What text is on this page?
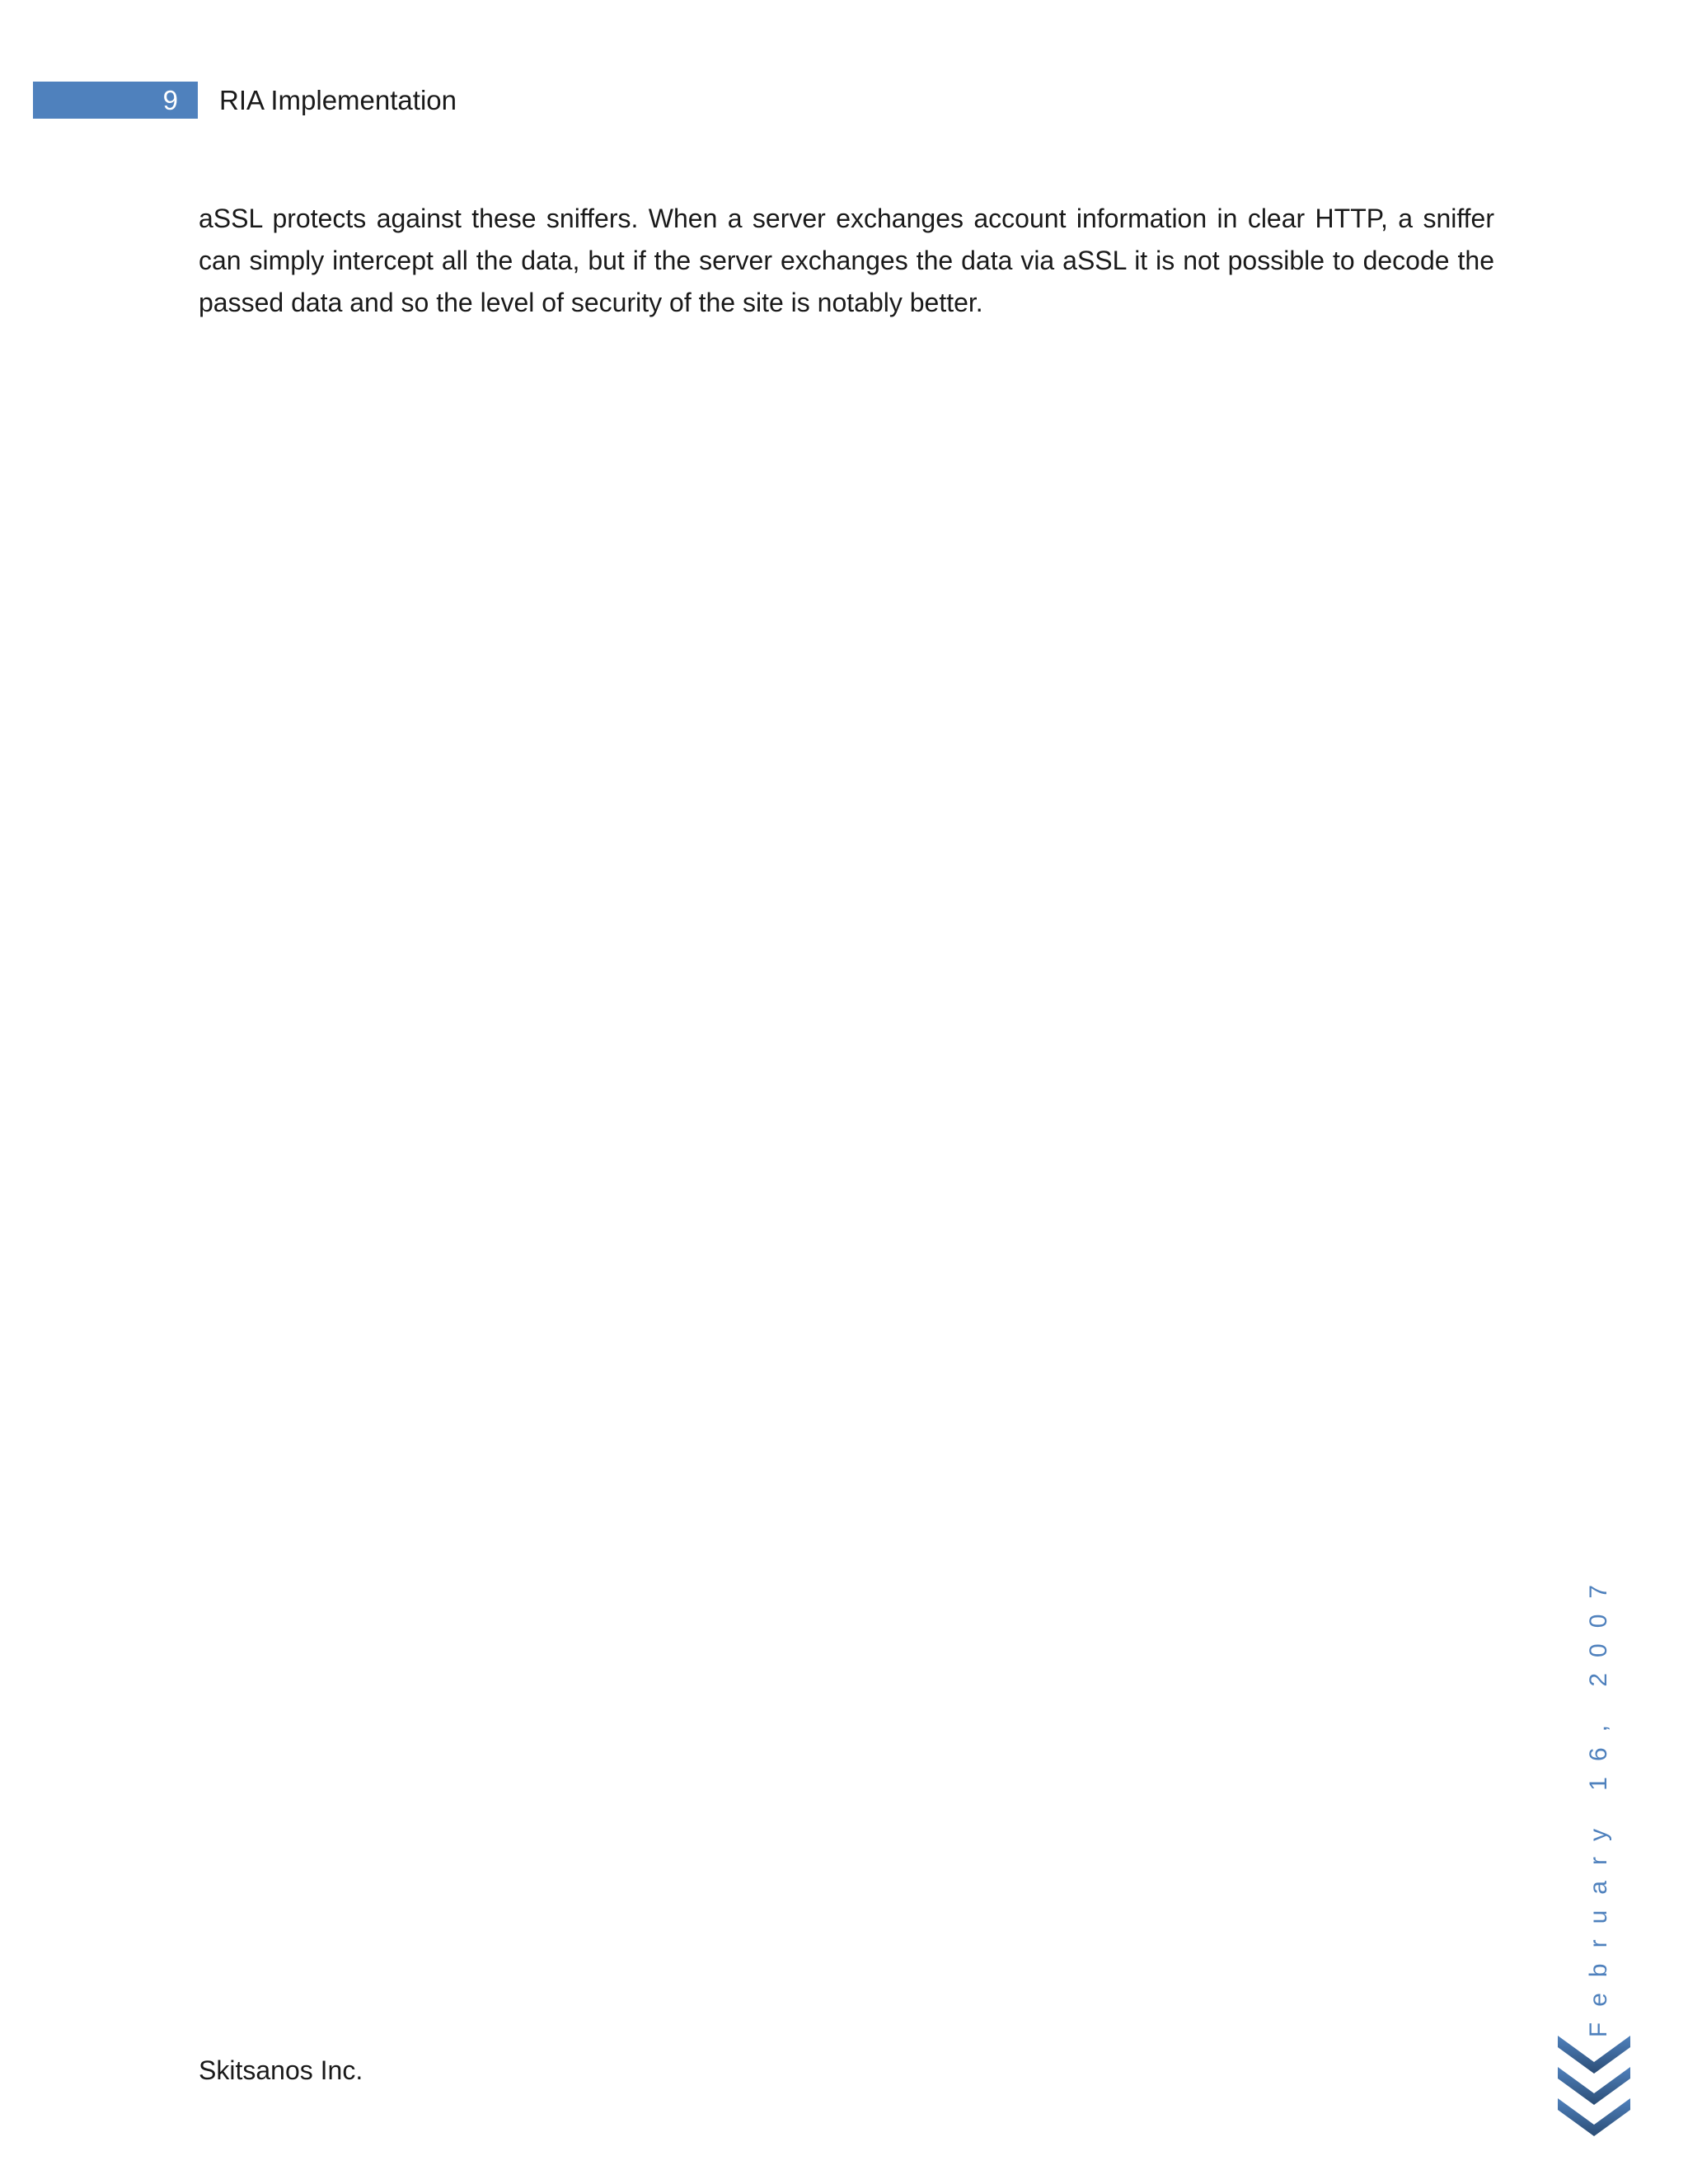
9 RIA Implementation

aSSL protects against these sniffers. When a server exchanges account information in clear HTTP, a sniffer can simply intercept all the data, but if the server exchanges the data via aSSL it is not possible to decode the passed data and so the level of security of the site is notably better.

February 16, 2007
Skitsanos Inc.
